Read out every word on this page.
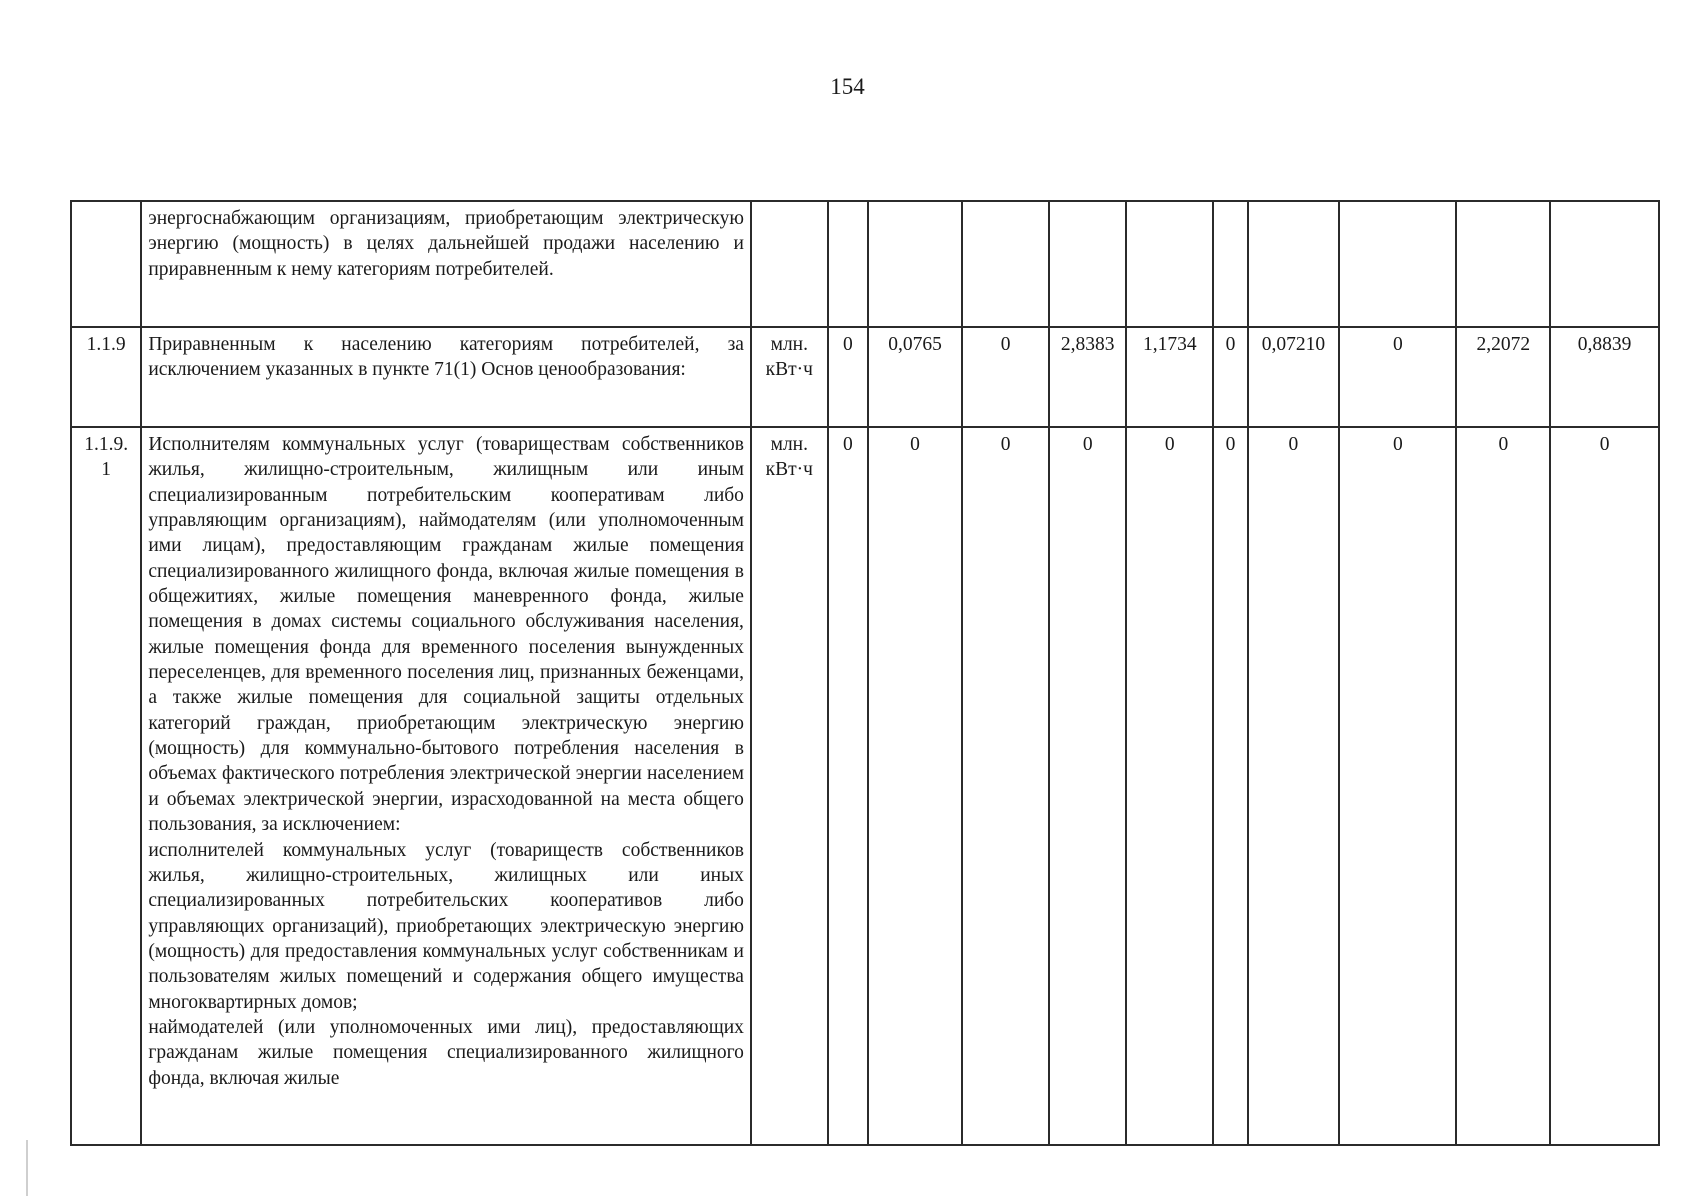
154

	энергоснабжающим организациям, приобретающим электрическую энергию (мощность) в целях дальнейшей продажи населению и приравненным к нему категориям потребителей.											

1.1.9	Приравненным к населению категориям потребителей, за исключением указанных в пункте 71(1) Основ ценообразования:	млн. кВт·ч	0	0,0765	0	2,8383	1,1734	0	0,07210	0	2,2072	0,8839
1.1.9. 1	Исполнителям коммунальных услуг (товариществам собственников жилья, жилищно-строительным, жилищным или иным специализированным потребительским кооперативам либо управляющим организациям), наймодателям (или уполномоченным ими лицам), предоставляющим гражданам жилые помещения специализированного жилищного фонда, включая жилые помещения в общежитиях, жилые помещения маневренного фонда, жилые помещения в домах системы социального обслуживания населения, жилые помещения фонда для временного поселения вынужденных переселенцев, для временного поселения лиц, признанных беженцами, а также жилые помещения для социальной защиты отдельных категорий граждан, приобретающим электрическую энергию (мощность) для коммунально-бытового потребления населения в объемах фактического потребления электрической энергии населением и объемах электрической энергии, израсходованной на места общего пользования, за исключением:

исполнителей коммунальных услуг (товариществ собственников жилья, жилищно-строительных, жилищных или иных специализированных потребительских кооперативов либо управляющих организаций), приобретающих электрическую энергию (мощность) для предоставления коммунальных услуг собственникам и пользователям жилых помещений и содержания общего имущества многоквартирных домов;

наймодателей (или уполномоченных ими лиц), предоставляющих гражданам жилые помещения специализированного жилищного фонда, включая жилые	млн. кВт·ч	0	0	0	0	0	0	0	0	0	0
